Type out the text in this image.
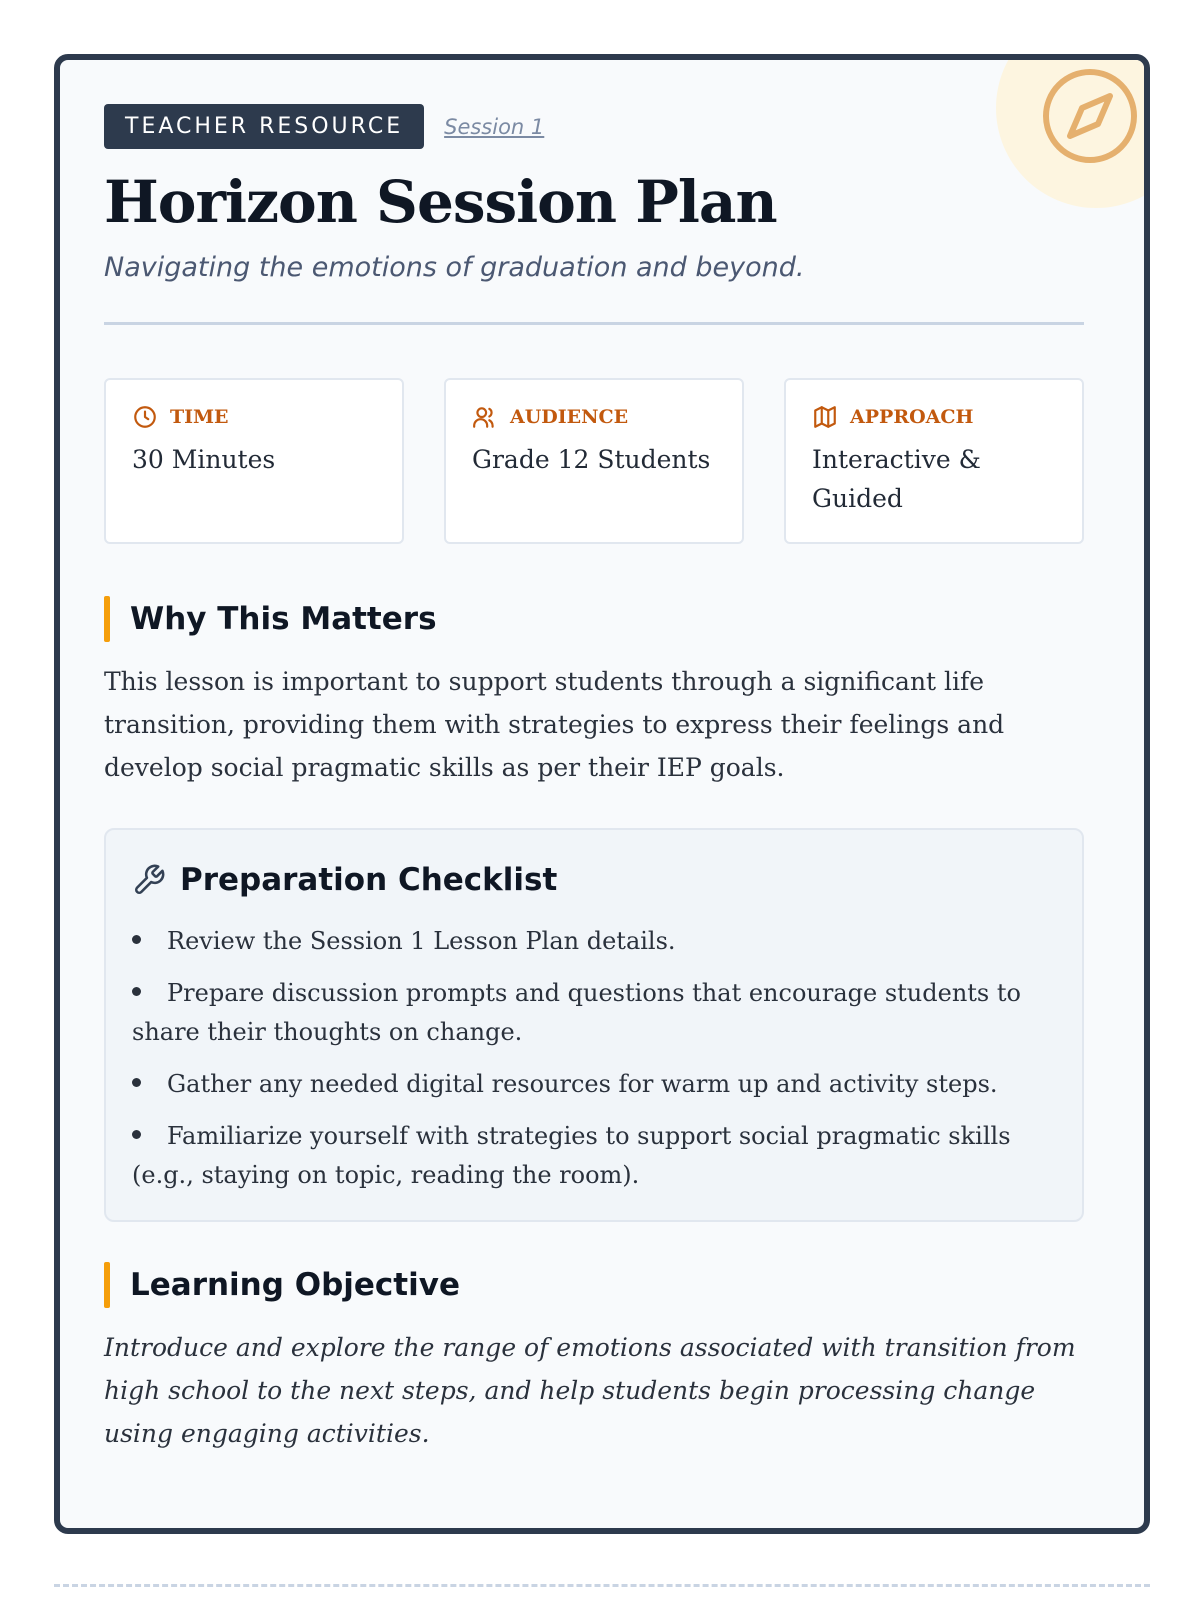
TEACHER RESOURCE	Session 1
Horizon Session Plan
Navigating the emotions of graduation and beyond.
TIME
30 Minutes
AUDIENCE
Grade 12 Students
APPROACH
Interactive & Guided
Why This Matters

This lesson is important to support students through a significant life transition, providing them with strategies to express their feelings and develop social pragmatic skills as per their IEP goals.

Preparation Checklist
Review the Session 1 Lesson Plan details.
Prepare discussion prompts and questions that encourage students to share their thoughts on change.
Gather any needed digital resources for warm up and activity steps.
Familiarize yourself with strategies to support social pragmatic skills (e.g., staying on topic, reading the room).
Learning Objective

Introduce and explore the range of emotions associated with transition from high school to the next steps, and help students begin processing change using engaging activities.
